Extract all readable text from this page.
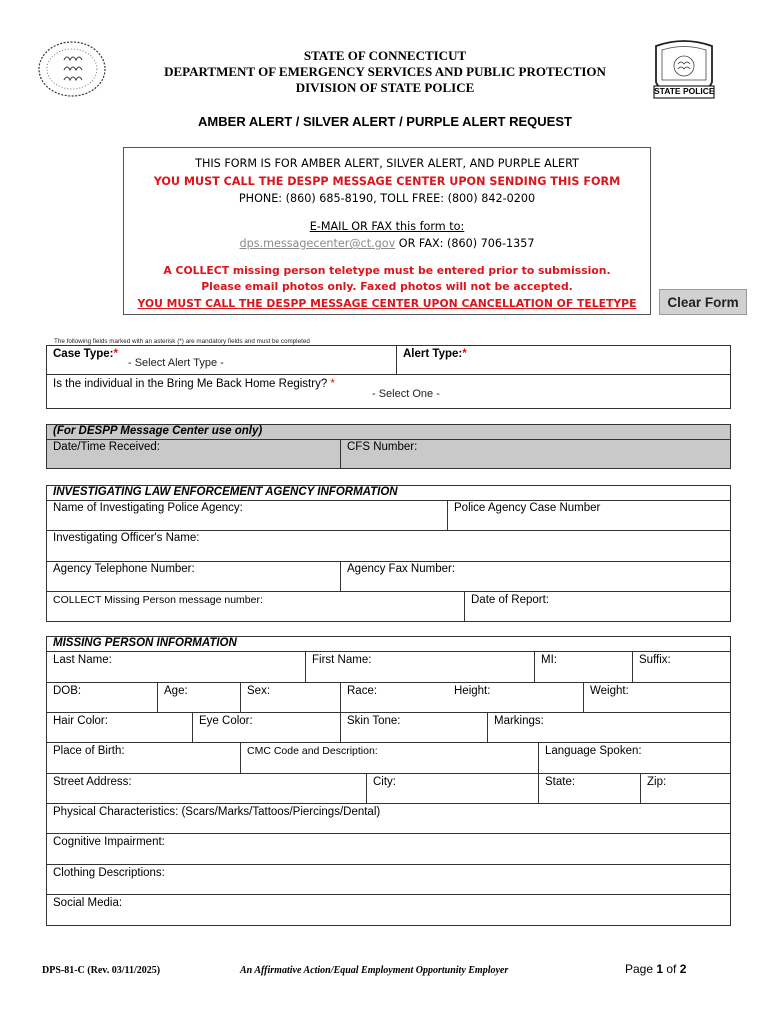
STATE POLICE
STATE OF CONNECTICUT
DEPARTMENT OF EMERGENCY SERVICES AND PUBLIC PROTECTION
DIVISION OF STATE POLICE
AMBER ALERT / SILVER ALERT / PURPLE ALERT REQUEST
THIS FORM IS FOR AMBER ALERT, SILVER ALERT, AND PURPLE ALERT
YOU MUST CALL THE DESPP MESSAGE CENTER UPON SENDING THIS FORM
PHONE: (860) 685-8190, TOLL FREE: (800) 842-0200
E-MAIL OR FAX this form to:
dps.messagecenter@ct.gov OR FAX: (860) 706-1357
A COLLECT missing person teletype must be entered prior to submission.
Please email photos only. Faxed photos will not be accepted.
YOU MUST CALL THE DESPP MESSAGE CENTER UPON CANCELLATION OF TELETYPE	Clear Form
The following fields marked with an asterisk (*) are mandatory fields and must be completed
Case Type:*
- Select Alert Type -
Alert Type:*
Is the individual in the Bring Me Back Home Registry? *
- Select One -
(For DESPP Message Center use only)
Date/Time Received:	CFS Number:
INVESTIGATING LAW ENFORCEMENT AGENCY INFORMATION
Name of Investigating Police Agency:	Police Agency Case Number
Investigating Officer's Name:
Agency Telephone Number:	Agency Fax Number:
COLLECT Missing Person message number:	Date of Report:
MISSING PERSON INFORMATION
Last Name:	First Name:	MI:	Suffix:
DOB:	Age:	Sex:	Race:	Height:	Weight:
Hair Color:	Eye Color:	Skin Tone:	Markings:
Place of Birth:	CMC Code and Description:	Language Spoken:
Street Address:	City:	State:	Zip:
Physical Characteristics: (Scars/Marks/Tattoos/Piercings/Dental)
Cognitive Impairment:
Clothing Descriptions:
Social Media:
DPS-81-C (Rev. 03/11/2025)	An Affirmative Action/Equal Employment Opportunity Employer	Page 1 of 2
